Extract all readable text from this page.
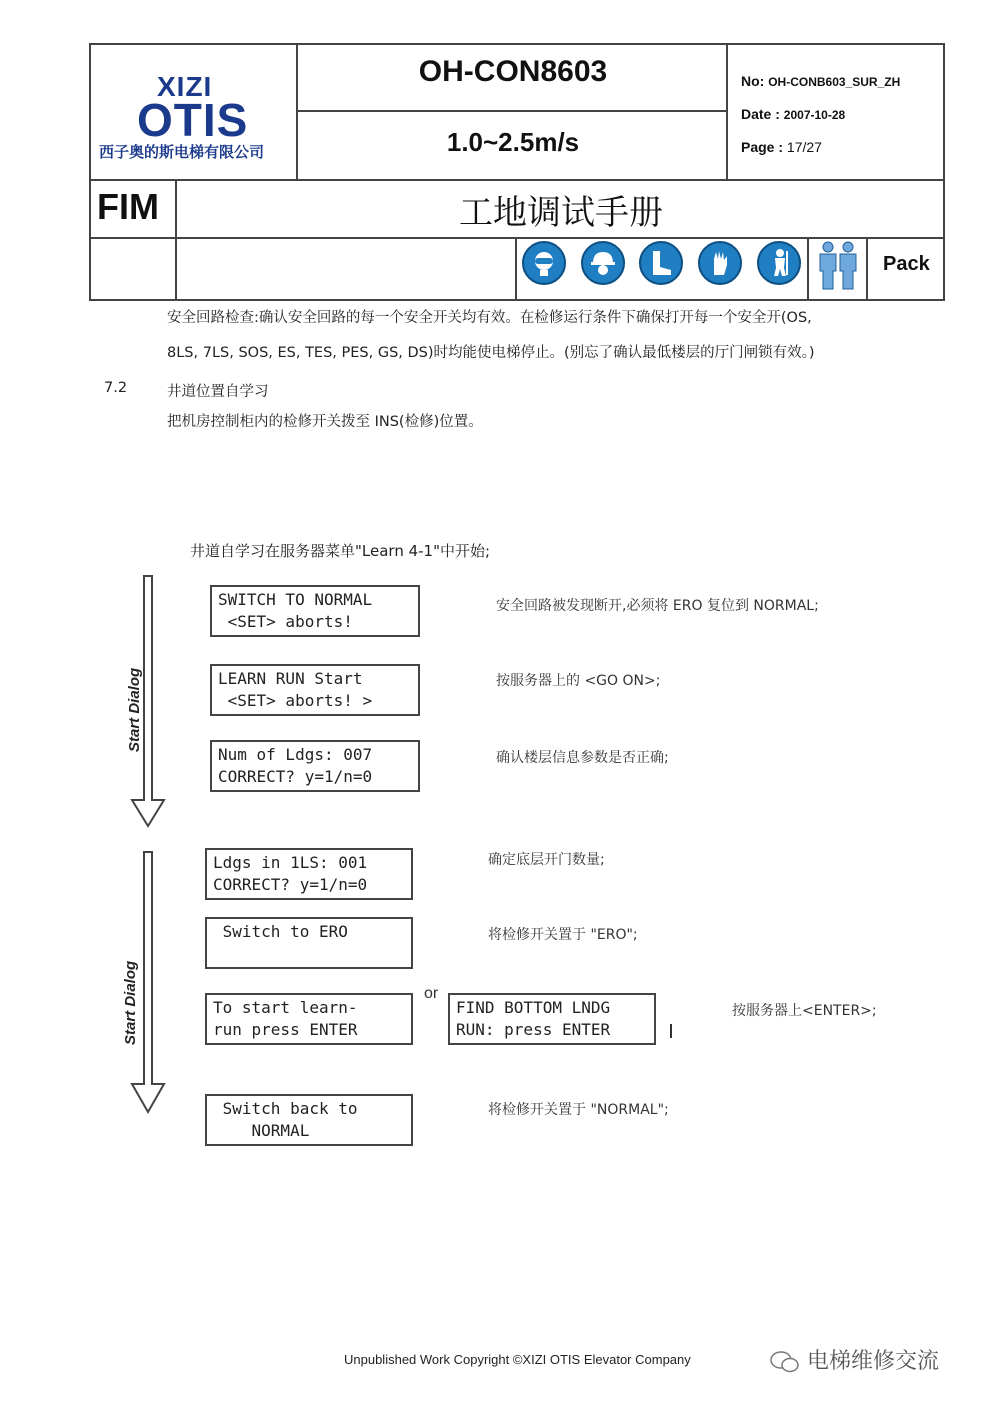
XIZI
OTIS
西子奥的斯电梯有限公司
OH-CON8603
1.0~2.5m/s
No: OH-CONB603_SUR_ZH
Date : 2007-10-28
Page : 17/27
FIM	工地调试手册
Pack
安全回路检查:确认安全回路的每一个安全开关均有效。在检修运行条件下确保打开每一个安全开(OS,
8LS, 7LS, SOS, ES, TES, PES, GS, DS)时均能使电梯停止。(别忘了确认最低楼层的厅门闸锁有效。)
7.2	井道位置自学习
把机房控制柜内的检修开关拨至 INS(检修)位置。
井道自学习在服务器菜单"Learn 4-1"中开始;
Start Dialog
Start Dialog
SWITCH TO NORMAL
<SET> aborts!
安全回路被发现断开,必须将 ERO 复位到 NORMAL;
LEARN RUN Start
<SET> aborts! >
按服务器上的 <GO ON>;
Num of Ldgs: 007
CORRECT? y=1/n=0
确认楼层信息参数是否正确;
Ldgs in 1LS: 001
CORRECT? y=1/n=0
确定底层开门数量;
Switch to ERO	将检修开关置于 "ERO";
To start learn-
run press ENTER
or
FIND BOTTOM LNDG
RUN: press ENTER
按服务器上<ENTER>;
Switch back to
NORMAL
将检修开关置于 "NORMAL";
Unpublished Work Copyright ©XIZI OTIS Elevator Company	电梯维修交流
